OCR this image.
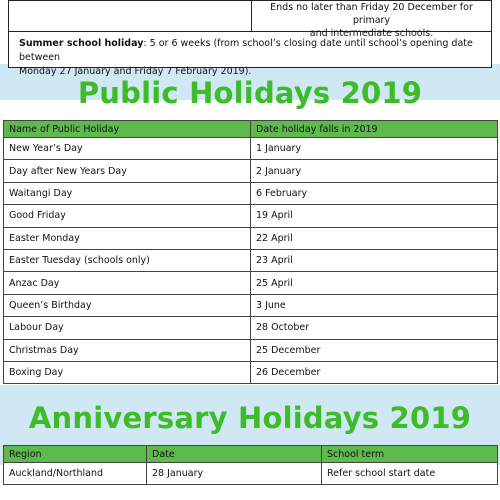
Ends no later than Friday 20 December for primary
and intermediate schools.
Summer school holiday: 5 or 6 weeks (from school’s closing date until school’s opening date between
Monday 27 January and Friday 7 February 2019).
Public Holidays 2019
Name of Public Holiday	Date holiday falls in 2019
New Year’s Day	1 January
Day after New Years Day	2 January
Waitangi Day	6 February
Good Friday	19 April
Easter Monday	22 April
Easter Tuesday (schools only)	23 April
Anzac Day	25 April
Queen’s Birthday	3 June
Labour Day	28 October
Christmas Day	25 December
Boxing Day	26 December
Anniversary Holidays 2019
Region	Date	School term
Auckland/Northland	28 January	Refer school start date
